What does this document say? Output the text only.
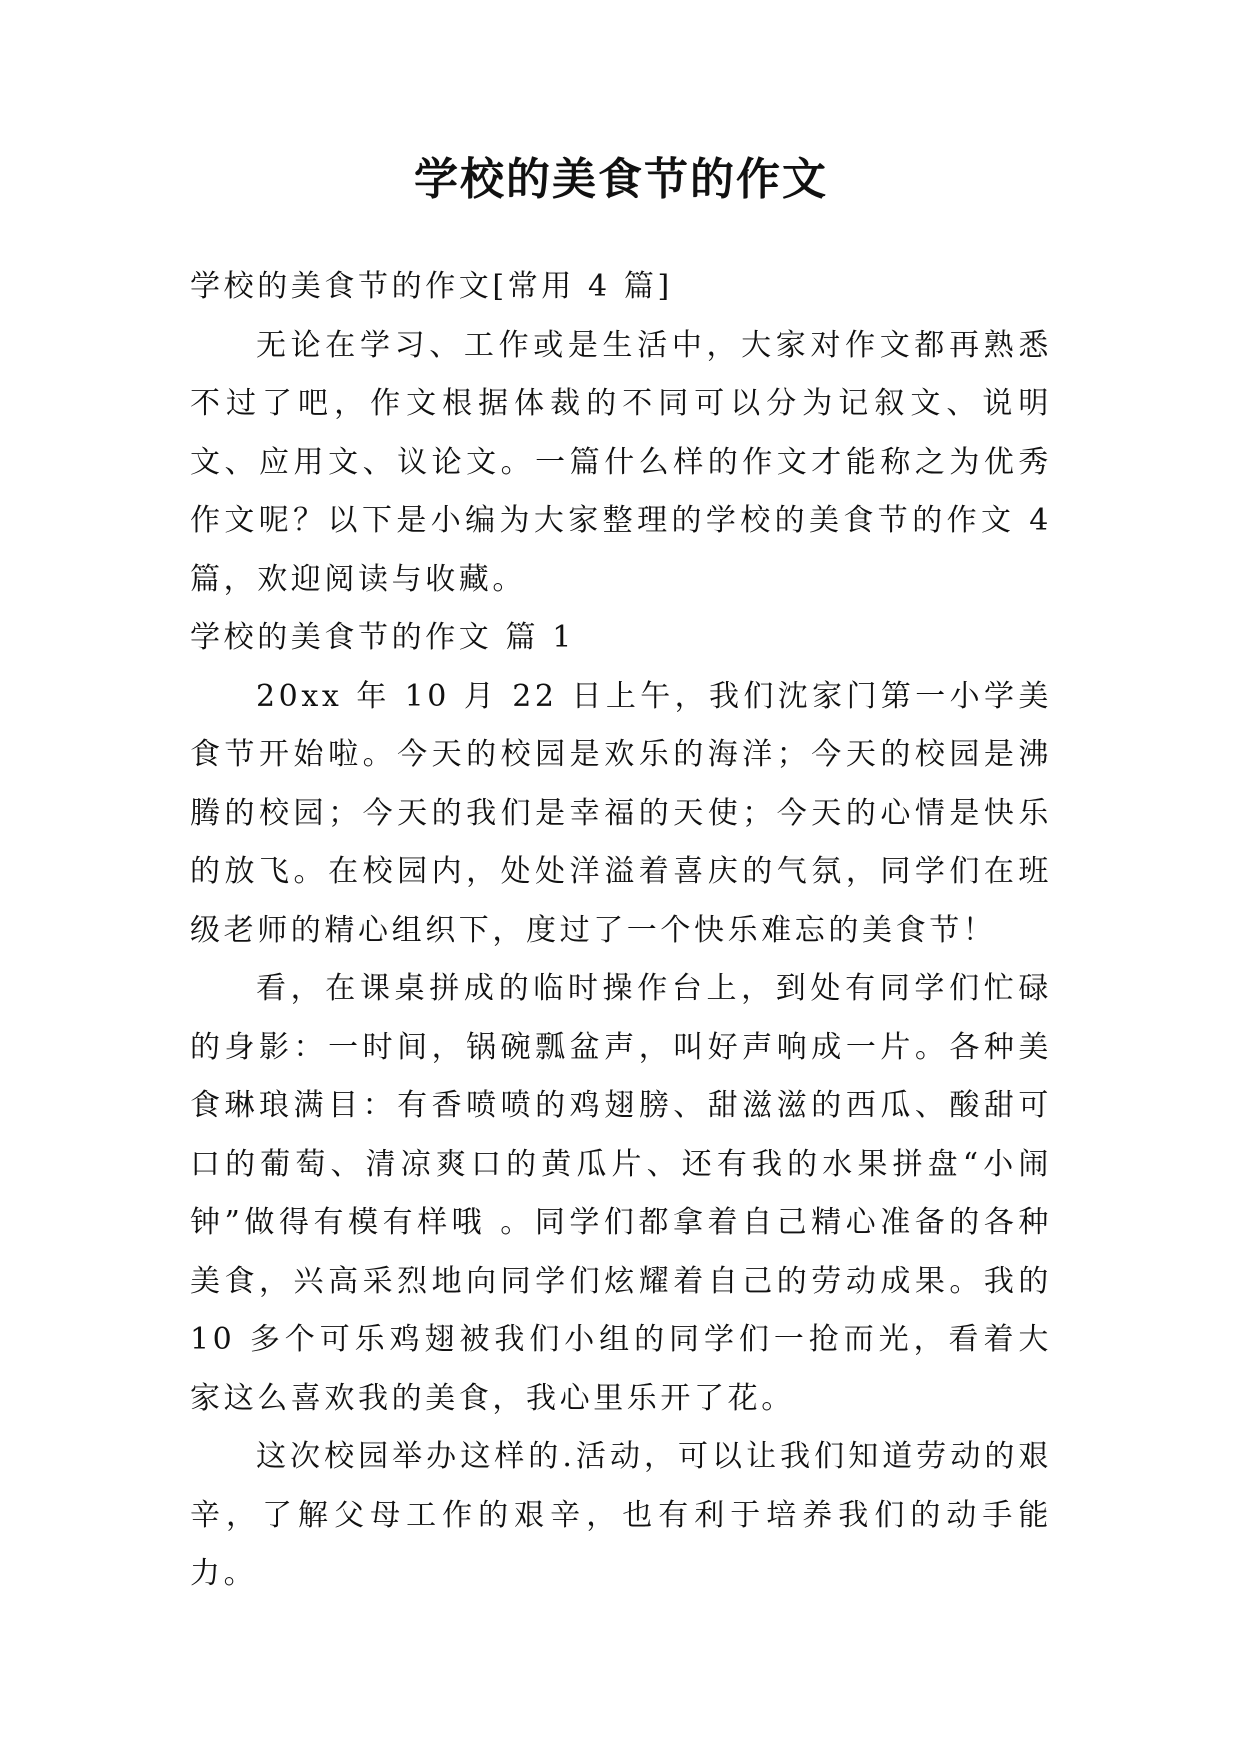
学校的美食节的作文

学校的美食节的作文[常用 4 篇]

无论在学习、工作或是生活中，大家对作文都再熟悉不过了吧，作文根据体裁的不同可以分为记叙文、说明文、应用文、议论文。一篇什么样的作文才能称之为优秀作文呢？以下是小编为大家整理的学校的美食节的作文 4 篇，欢迎阅读与收藏。

学校的美食节的作文 篇 1

20xx 年 10 月 22 日上午，我们沈家门第一小学美食节开始啦。今天的校园是欢乐的海洋；今天的校园是沸腾的校园；今天的我们是幸福的天使；今天的心情是快乐的放飞。在校园内，处处洋溢着喜庆的气氛，同学们在班级老师的精心组织下，度过了一个快乐难忘的美食节！

看，在课桌拼成的临时操作台上，到处有同学们忙碌的身影：一时间，锅碗瓢盆声，叫好声响成一片。各种美食琳琅满目：有香喷喷的鸡翅膀、甜滋滋的西瓜、酸甜可口的葡萄、清凉爽口的黄瓜片、还有我的水果拼盘“小闹钟”做得有模有样哦 。同学们都拿着自己精心准备的各种美食，兴高采烈地向同学们炫耀着自己的劳动成果。我的 10 多个可乐鸡翅被我们小组的同学们一抢而光，看着大家这么喜欢我的美食，我心里乐开了花。

这次校园举办这样的.活动，可以让我们知道劳动的艰辛，了解父母工作的艰辛，也有利于培养我们的动手能力。
